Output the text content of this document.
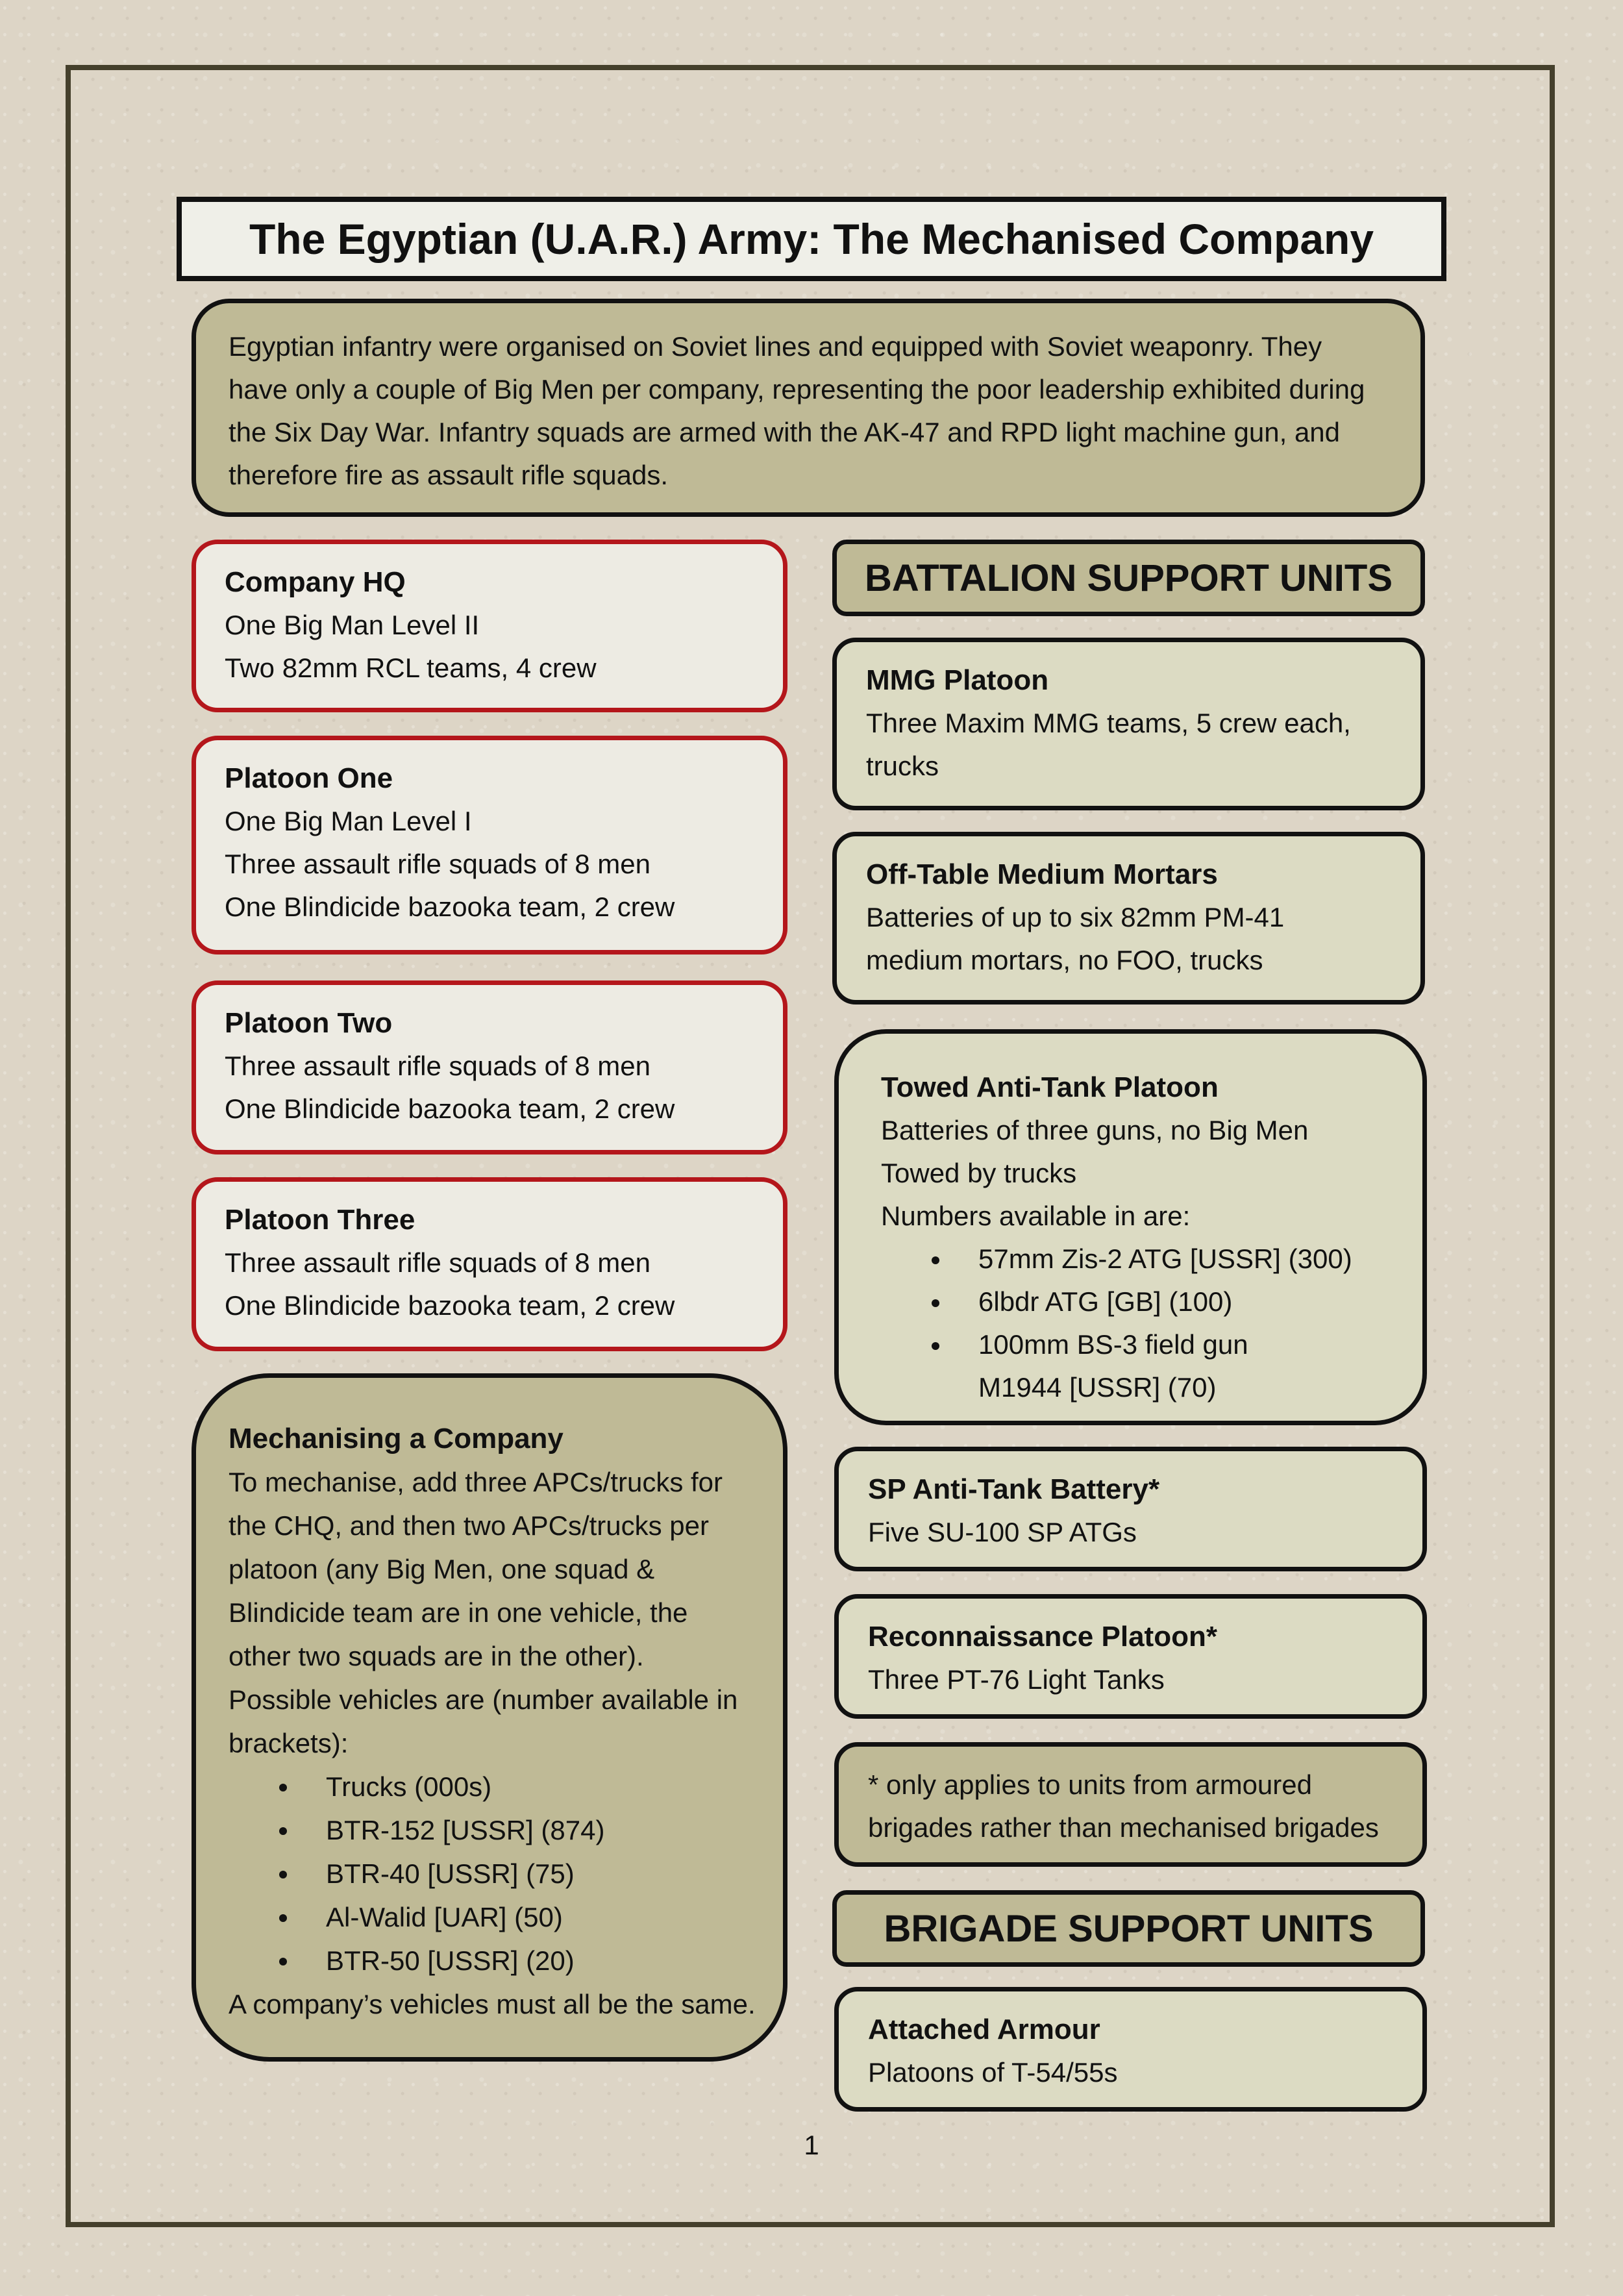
The Egyptian (U.A.R.) Army: The Mechanised Company
Egyptian infantry were organised on Soviet lines and equipped with Soviet weaponry. They
have only a couple of Big Men per company, representing the poor leadership exhibited during
the Six Day War. Infantry squads are armed with the AK-47 and RPD light machine gun, and
therefore fire as assault rifle squads.
Company HQ
One Big Man Level II
Two 82mm RCL teams, 4 crew
Platoon One
One Big Man Level I
Three assault rifle squads of 8 men
One Blindicide bazooka team, 2 crew
Platoon Two
Three assault rifle squads of 8 men
One Blindicide bazooka team, 2 crew
Platoon Three
Three assault rifle squads of 8 men
One Blindicide bazooka team, 2 crew
Mechanising a Company
To mechanise, add three APCs/trucks for
the CHQ, and then two APCs/trucks per
platoon (any Big Men, one squad &
Blindicide team are in one vehicle, the
other two squads are in the other).
Possible vehicles are (number available in
brackets):
Trucks (000s)
BTR-152 [USSR] (874)
BTR-40 [USSR] (75)
Al-Walid [UAR] (50)
BTR-50 [USSR] (20)
A company’s vehicles must all be the same.
BATTALION SUPPORT UNITS
MMG Platoon
Three Maxim MMG teams, 5 crew each,
trucks
Off-Table Medium Mortars
Batteries of up to six 82mm PM-41
medium mortars, no FOO, trucks
Towed Anti-Tank Platoon
Batteries of three guns, no Big Men
Towed by trucks
Numbers available in are:
57mm Zis-2 ATG [USSR] (300)
6lbdr ATG [GB] (100)
100mm BS-3 field gun M1944 [USSR] (70)
SP Anti-Tank Battery*
Five SU-100 SP ATGs
Reconnaissance Platoon*
Three PT-76 Light Tanks
* only applies to units from armoured
brigades rather than mechanised brigades
BRIGADE SUPPORT UNITS
Attached Armour
Platoons of T-54/55s
1
